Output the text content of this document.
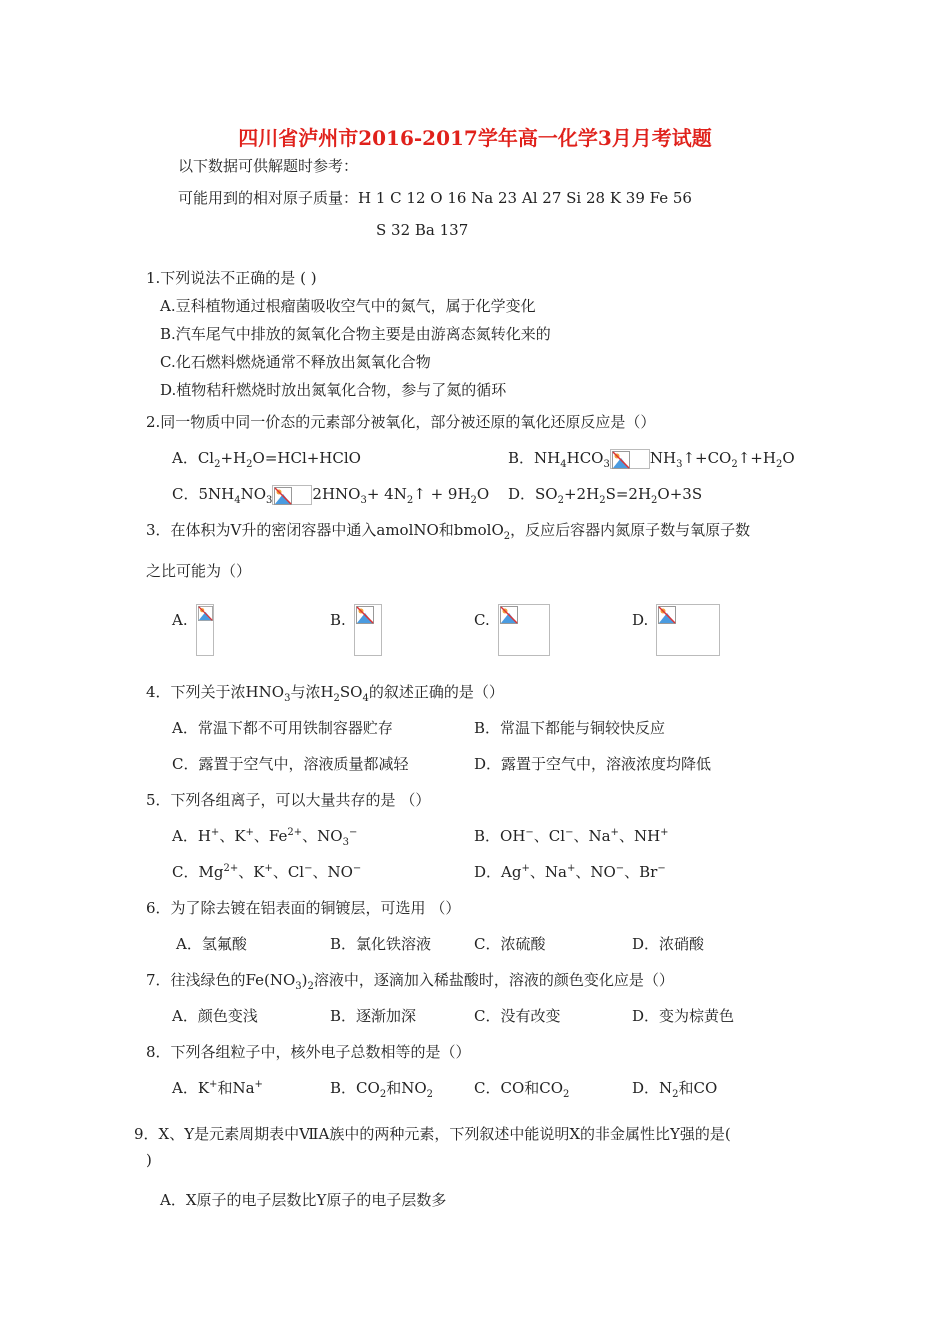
四川省泸州市2016-2017学年高一化学3月月考试题
以下数据可供解题时参考：
可能用到的相对原子质量：H 1 C 12 O 16 Na 23 Al 27 Si 28 K 39 Fe 56
S 32 Ba 137
1.下列说法不正确的是 ( )
A.豆科植物通过根瘤菌吸收空气中的氮气，属于化学变化
B.汽车尾气中排放的氮氧化合物主要是由游离态氮转化来的
C.化石燃料燃烧通常不释放出氮氧化合物
D.植物秸秆燃烧时放出氮氧化合物，参与了氮的循环
2.同一物质中同一价态的元素部分被氧化，部分被还原的氧化还原反应是（）
A．$Cl_2+H_2O=HCl+HClO$	B．$NH_4HCO_3$	$NH_3↑+CO_2↑+H_2O$
C．$5NH_4NO_3$	$2HNO_3+$ $4N_2↑ + 9H_2O$ D．$SO_2+2H_2S=2H_2O+3S$
3．在体积为V升的密闭容器中通入amolNO和bmolO$_2$，反应后容器内氮原子数与氧原子数
之比可能为（）
A.	B.	C.	D.
4．下列关于浓$HNO_3$与浓$H_2SO_4$的叙述正确的是（）
A．常温下都不可用铁制容器贮存	B．常温下都能与铜较快反应
C．露置于空气中，溶液质量都减轻	D．露置于空气中，溶液浓度均降低
5．下列各组离子，可以大量共存的是 （）
A．H+、K+、$Fe^{2+}$、$NO_3^-$	B．OH−、Cl−、Na+、NH+
C．$Mg^{2+}$、K+、Cl−、NO−	D．Ag+、Na+、NO−、Br−
6．为了除去镀在铝表面的铜镀层，可选用 （）
A．氢氟酸	B．氯化铁溶液	C．浓硫酸	D．浓硝酸
7．往浅绿色的$Fe(NO_3)_2$溶液中，逐滴加入稀盐酸时，溶液的颜色变化应是（）
A．颜色变浅	B．逐渐加深	C．没有改变	D．变为棕黄色
8．下列各组粒子中，核外电子总数相等的是（）
A．K+和Na+	B．$CO_2$和$NO_2$	C．CO和$CO_2$	D．$N_2$和CO
9．X、Y是元素周期表中ⅦA族中的两种元素，下列叙述中能说明X的非金属性比Y强的是(
)
A．X原子的电子层数比Y原子的电子层数多
